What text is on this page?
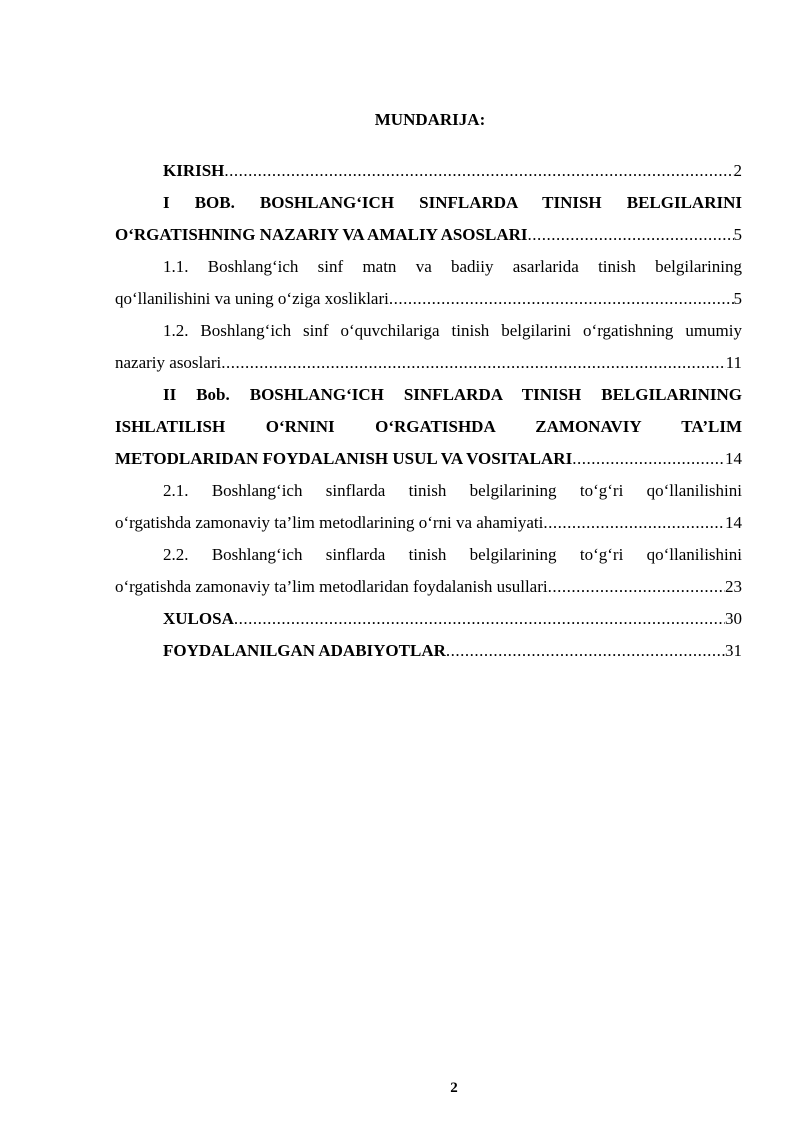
MUNDARIJA:
KIRISH .....	2
I BOB. BOSHLANG‘ICH SINFLARDA TINISH BELGILARINI
O‘RGATISHNING NAZARIY VA AMALIY ASOSLARI .....	5
1.1. Boshlang‘ich sinf matn va badiiy asarlarida tinish belgilarining
qo‘llanilishini va uning o‘ziga xosliklari .....	5
1.2. Boshlang‘ich sinf o‘quvchilariga tinish belgilarini o‘rgatishning umumiy
nazariy asoslari .....	11
II Bob. BOSHLANG‘ICH SINFLARDA TINISH BELGILARINING
ISHLATILISH O‘RNINI O‘RGATISHDA ZAMONAVIY TA’LIM
METODLARIDAN FOYDALANISH USUL VA VOSITALARI .....	14
2.1. Boshlang‘ich sinflarda tinish belgilarining to‘g‘ri qo‘llanilishini
o‘rgatishda zamonaviy ta’lim metodlarining o‘rni va ahamiyati .....	14
2.2. Boshlang‘ich sinflarda tinish belgilarining to‘g‘ri qo‘llanilishini
o‘rgatishda zamonaviy ta’lim metodlaridan foydalanish usullari .....	23
XULOSA .....	30
FOYDALANILGAN ADABIYOTLAR .....	31
2
